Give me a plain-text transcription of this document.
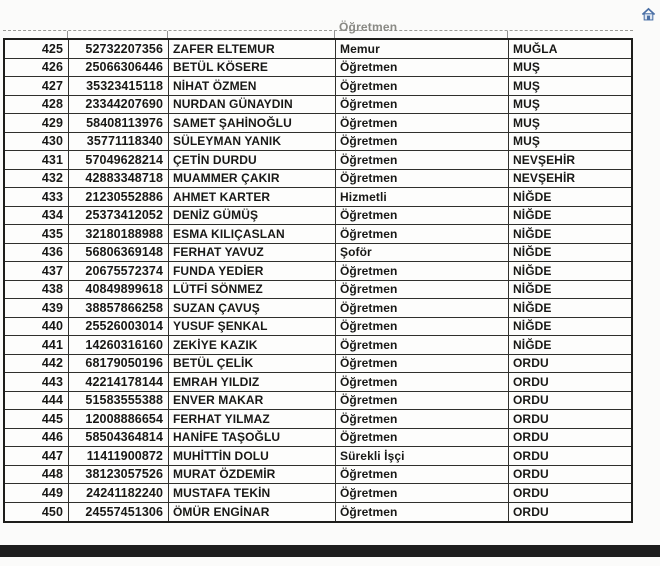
Öğretmen
425	52732207356 ZAFER ELTEMUR	Memur	MUĞLA
426	25066306446 BETÜL KÖSERE	Öğretmen	MUŞ
427	35323415118 NİHAT ÖZMEN	Öğretmen	MUŞ
428	23344207690 NURDAN GÜNAYDIN	Öğretmen	MUŞ
429	58408113976 SAMET ŞAHİNOĞLU	Öğretmen	MUŞ
430	35771118340 SÜLEYMAN YANIK	Öğretmen	MUŞ
431	57049628214 ÇETİN DURDU	Öğretmen	NEVŞEHİR
432	42883348718 MUAMMER ÇAKIR	Öğretmen	NEVŞEHİR
433	21230552886 AHMET KARTER	Hizmetli	NİĞDE
434	25373412052 DENİZ GÜMÜŞ	Öğretmen	NİĞDE
435	32180188988 ESMA KILIÇASLAN	Öğretmen	NİĞDE
436	56806369148 FERHAT YAVUZ	Şoför	NİĞDE
437	20675572374 FUNDA YEDİER	Öğretmen	NİĞDE
438	40849899618 LÜTFİ SÖNMEZ	Öğretmen	NİĞDE
439	38857866258 SUZAN ÇAVUŞ	Öğretmen	NİĞDE
440	25526003014 YUSUF ŞENKAL	Öğretmen	NİĞDE
441	14260316160 ZEKİYE KAZIK	Öğretmen	NİĞDE
442	68179050196 BETÜL ÇELİK	Öğretmen	ORDU
443	42214178144 EMRAH YILDIZ	Öğretmen	ORDU
444	51583555388 ENVER MAKAR	Öğretmen	ORDU
445	12008886654 FERHAT YILMAZ	Öğretmen	ORDU
446	58504364814 HANİFE TAŞOĞLU	Öğretmen	ORDU
447	11411900872 MUHİTTİN DOLU	Sürekli İşçi	ORDU
448	38123057526 MURAT ÖZDEMİR	Öğretmen	ORDU
449	24241182240 MUSTAFA TEKİN	Öğretmen	ORDU
450	24557451306 ÖMÜR ENGİNAR	Öğretmen	ORDU
